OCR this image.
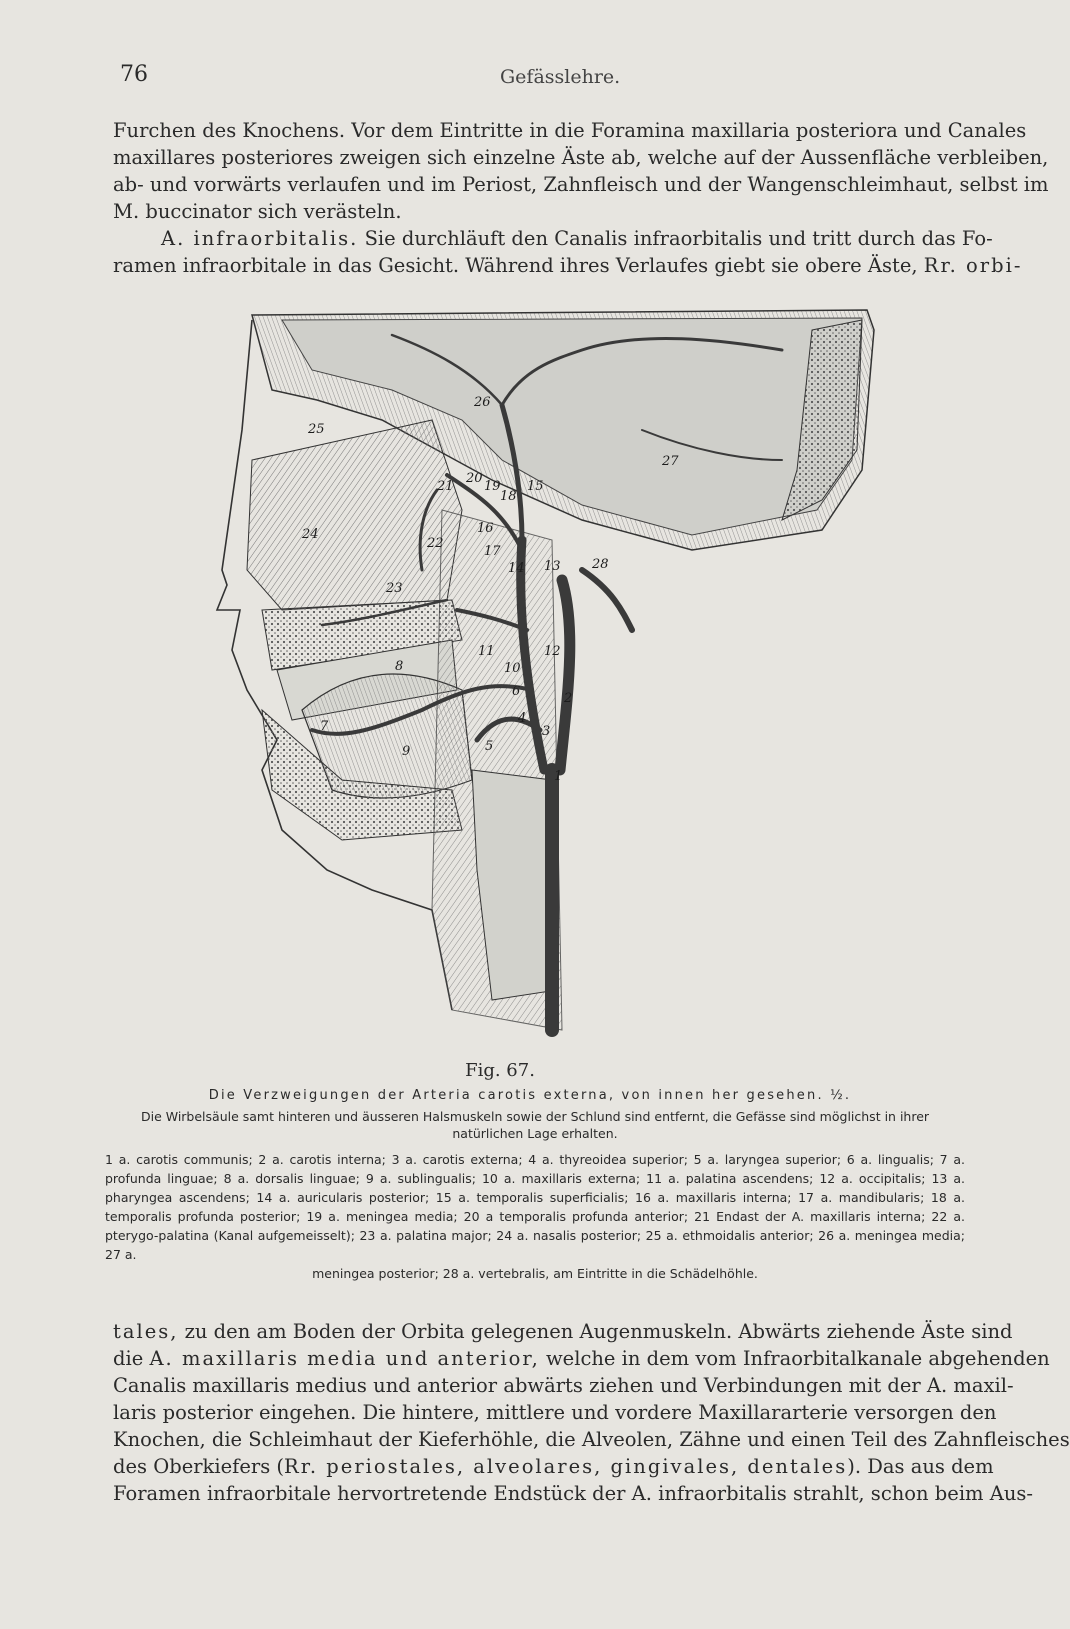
76	Gefässlehre.

Furchen des Knochens. Vor dem Eintritte in die Foramina maxillaria posteriora und Canales
maxillares posteriores zweigen sich einzelne Äste ab, welche auf der Aussenfläche verbleiben,
ab- und vorwärts verlaufen und im Periost, Zahnfleisch und der Wangenschleimhaut, selbst im
M. buccinator sich verästeln.

A. infraorbitalis. Sie durchläuft den Canalis infraorbitalis und tritt durch das Fo-
ramen infraorbitale in das Gesicht. Während ihres Verlaufes giebt sie obere Äste, Rr. orbi-

1
2
3
4
5
6
7
8
9
10
11	12
13
14
15
16
17
18
19
20
21
22
23
24
25
26
27
28
Fig. 67.
Die Verzweigungen der Arteria carotis externa, von innen her gesehen. ½.
Die Wirbelsäule samt hinteren und äusseren Halsmuskeln sowie der Schlund sind entfernt, die Gefässe sind möglichst in ihrer natürlichen Lage erhalten.
1 a. carotis communis; 2 a. carotis interna; 3 a. carotis externa; 4 a. thyreoidea superior; 5 a. laryngea superior; 6 a. lingualis; 7 a. profunda linguae; 8 a. dorsalis linguae; 9 a. sublingualis; 10 a. maxillaris externa; 11 a. palatina ascendens; 12 a. occipitalis; 13 a. pharyngea ascendens; 14 a. auricularis posterior; 15 a. temporalis superficialis; 16 a. maxillaris interna; 17 a. mandibularis; 18 a. temporalis profunda posterior; 19 a. meningea media; 20 a temporalis profunda anterior; 21 Endast der A. maxillaris interna; 22 a. pterygo-palatina (Kanal aufgemeisselt); 23 a. palatina major; 24 a. nasalis posterior; 25 a. ethmoidalis anterior; 26 a. meningea media; 27 a.
meningea posterior; 28 a. vertebralis, am Eintritte in die Schädelhöhle.

tales, zu den am Boden der Orbita gelegenen Augenmuskeln. Abwärts ziehende Äste sind
die A. maxillaris media und anterior, welche in dem vom Infraorbitalkanale abgehenden
Canalis maxillaris medius und anterior abwärts ziehen und Verbindungen mit der A. maxil-
laris posterior eingehen. Die hintere, mittlere und vordere Maxillararterie versorgen den
Knochen, die Schleimhaut der Kieferhöhle, die Alveolen, Zähne und einen Teil des Zahnfleisches
des Oberkiefers (Rr. periostales, alveolares, gingivales, dentales). Das aus dem
Foramen infraorbitale hervortretende Endstück der A. infraorbitalis strahlt, schon beim Aus-
